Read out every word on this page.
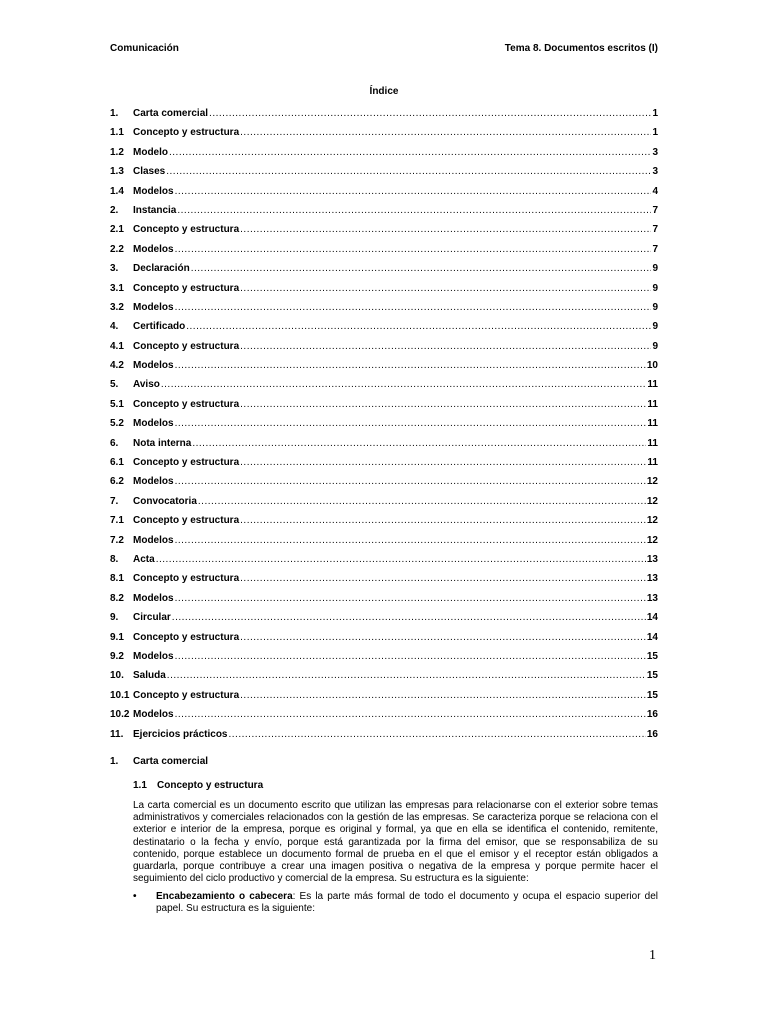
Comunicación	Tema 8. Documentos escritos (I)
Índice
1.	Carta comercial .....	1
1.1 Concepto y estructura .....	1
1.2 Modelo .....	3
1.3 Clases .....	3
1.4 Modelos .....	4
2.	Instancia .....	7
2.1 Concepto y estructura .....	7
2.2 Modelos .....	7
3.	Declaración .....	9
3.1 Concepto y estructura .....	9
3.2 Modelos .....	9
4.	Certificado .....	9
4.1 Concepto y estructura .....	9
4.2 Modelos .....	10
5.	Aviso .....	11
5.1 Concepto y estructura .....	11
5.2 Modelos .....	11
6.	Nota interna .....	11
6.1 Concepto y estructura .....	11
6.2 Modelos .....	12
7.	Convocatoria .....	12
7.1 Concepto y estructura .....	12
7.2 Modelos .....	12
8.	Acta .....	13
8.1 Concepto y estructura .....	13
8.2 Modelos .....	13
9.	Circular .....	14
9.1 Concepto y estructura .....	14
9.2 Modelos .....	15
10. Saluda .....	15
10.1 Concepto y estructura .....	15
10.2 Modelos .....	16
11. Ejercicios prácticos .....	16
1.	Carta comercial
1.1	Concepto y estructura
La carta comercial es un documento escrito que utilizan las empresas para relacionarse con el exterior sobre temas administrativos y comerciales relacionados con la gestión de las empresas. Se caracteriza porque se relaciona con el exterior e interior de la empresa, porque es original y formal, ya que en ella se identifica el contenido, remitente, destinatario o la fecha y envío, porque está garantizada por la firma del emisor, que se responsabiliza de su contenido, porque establece un documento formal de prueba en el que el emisor y el receptor están obligados a guardarla, porque contribuye a crear una imagen positiva o negativa de la empresa y porque permite hacer el seguimiento del ciclo productivo y comercial de la empresa. Su estructura es la siguiente:
•	Encabezamiento o cabecera: Es la parte más formal de todo el documento y ocupa el espacio superior del papel. Su estructura es la siguiente:
1
